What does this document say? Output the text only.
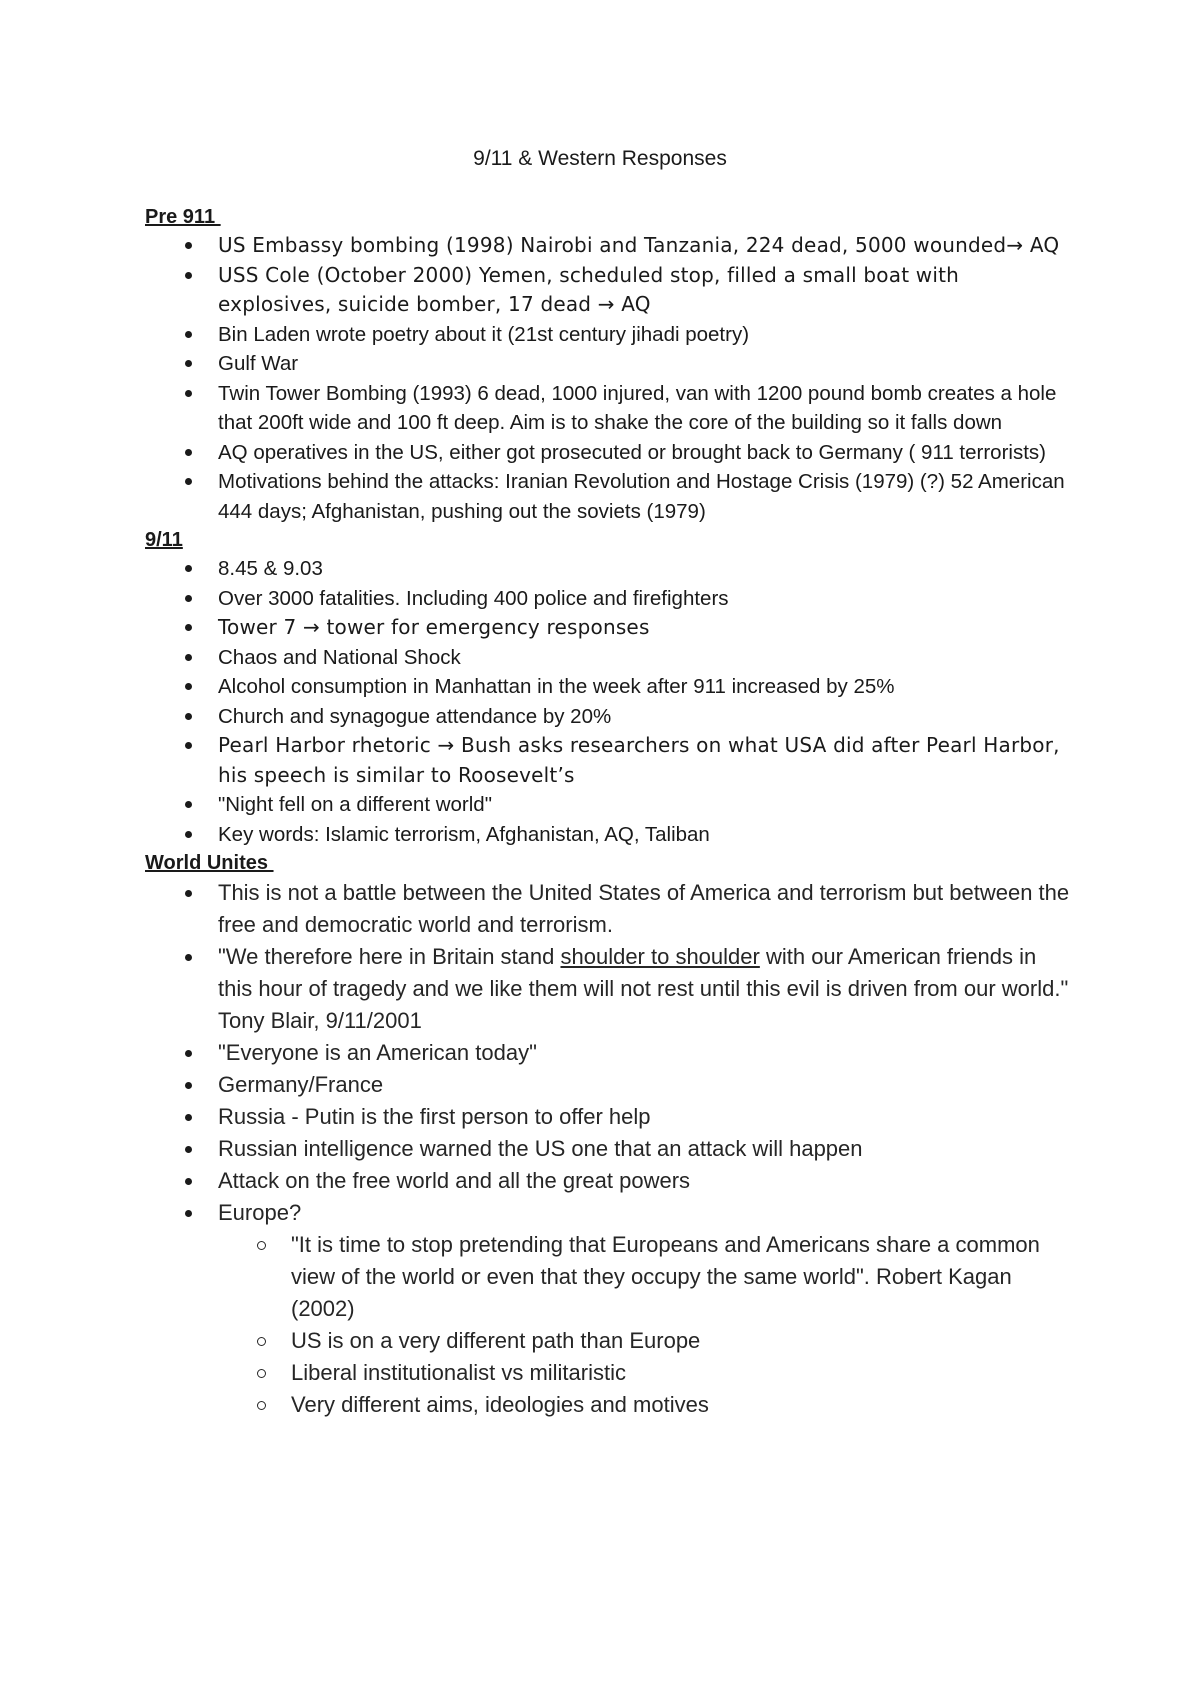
9/11 & Western Responses
Pre 911
US Embassy bombing (1998) Nairobi and Tanzania, 224 dead, 5000 wounded→ AQ
USS Cole (October 2000) Yemen, scheduled stop, filled a small boat with explosives, suicide bomber, 17 dead → AQ
Bin Laden wrote poetry about it (21st century jihadi poetry)
Gulf War
Twin Tower Bombing (1993) 6 dead, 1000 injured, van with 1200 pound bomb creates a hole that 200ft wide and 100 ft deep. Aim is to shake the core of the building so it falls down
AQ operatives in the US, either got prosecuted or brought back to Germany ( 911 terrorists)
Motivations behind the attacks: Iranian Revolution and Hostage Crisis (1979) (?) 52 American 444 days; Afghanistan, pushing out the soviets (1979)
9/11
8.45 & 9.03
Over 3000 fatalities. Including 400 police and firefighters
Tower 7 → tower for emergency responses
Chaos and National Shock
Alcohol consumption in Manhattan in the week after 911 increased by 25%
Church and synagogue attendance by 20%
Pearl Harbor rhetoric → Bush asks researchers on what USA did after Pearl Harbor, his speech is similar to Roosevelt’s
"Night fell on a different world"
Key words: Islamic terrorism, Afghanistan, AQ, Taliban
World Unites
This is not a battle between the United States of America and terrorism but between the free and democratic world and terrorism.
"We therefore here in Britain stand shoulder to shoulder with our American friends in this hour of tragedy and we like them will not rest until this evil is driven from our world." Tony Blair, 9/11/2001
"Everyone is an American today"
Germany/France
Russia - Putin is the first person to offer help
Russian intelligence warned the US one that an attack will happen
Attack on the free world and all the great powers
Europe?
"It is time to stop pretending that Europeans and Americans share a common view of the world or even that they occupy the same world". Robert Kagan (2002)
US is on a very different path than Europe
Liberal institutionalist vs militaristic
Very different aims, ideologies and motives
